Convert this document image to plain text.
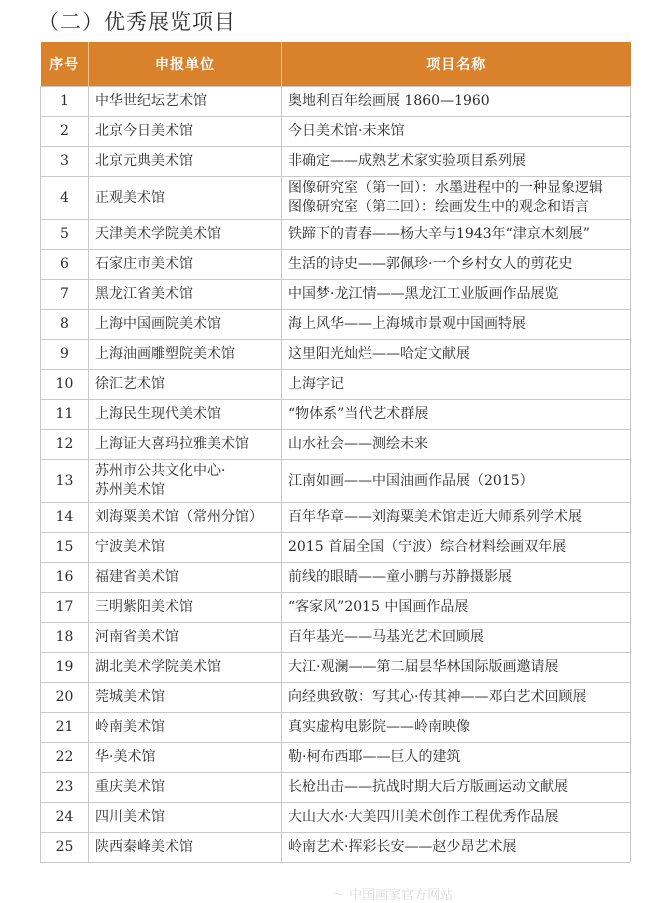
（二）优秀展览项目
序号	申报单位	项目名称
1	中华世纪坛艺术馆	奥地利百年绘画展 1860—1960

2	北京今日美术馆	今日美术馆·未来馆

3	北京元典美术馆	非确定——成熟艺术家实验项目系列展

4	正观美术馆	图像研究室（第一回）：水墨进程中的一种显象逻辑
图像研究室（第二回）：绘画发生中的观念和语言

5	天津美术学院美术馆	铁蹄下的青春——杨大辛与1943年“津京木刻展”

6	石家庄市美术馆	生活的诗史——郭佩珍·一个乡村女人的剪花史

7	黑龙江省美术馆	中国梦·龙江情——黑龙江工业版画作品展览

8	上海中国画院美术馆	海上风华——上海城市景观中国画特展

9	上海油画雕塑院美术馆	这里阳光灿烂——哈定文献展

10	徐汇艺术馆	上海字记

11	上海民生现代美术馆	“物体系”当代艺术群展

12	上海证大喜玛拉雅美术馆	山水社会——测绘未来

13	苏州市公共文化中心·
苏州美术馆	江南如画——中国油画作品展（2015）

14	刘海粟美术馆（常州分馆）	百年华章——刘海粟美术馆走近大师系列学术展

15	宁波美术馆	2015 首届全国（宁波）综合材料绘画双年展

16	福建省美术馆	前线的眼睛——童小鹏与苏静摄影展

17	三明紫阳美术馆	“客家风”2015 中国画作品展

18	河南省美术馆	百年基光——马基光艺术回顾展

19	湖北美术学院美术馆	大江·观澜——第二届昙华林国际版画邀请展

20	莞城美术馆	向经典致敬：写其心·传其神——邓白艺术回顾展

21	岭南美术馆	真实虚构电影院——岭南映像

22	华·美术馆	勒·柯布西耶——巨人的建筑

23	重庆美术馆	长枪出击——抗战时期大后方版画运动文献展

24	四川美术馆	大山大水·大美四川美术创作工程优秀作品展

25	陕西秦峰美术馆	岭南艺术·挥彩长安——赵少昂艺术展
～ 中国画家官方网站
